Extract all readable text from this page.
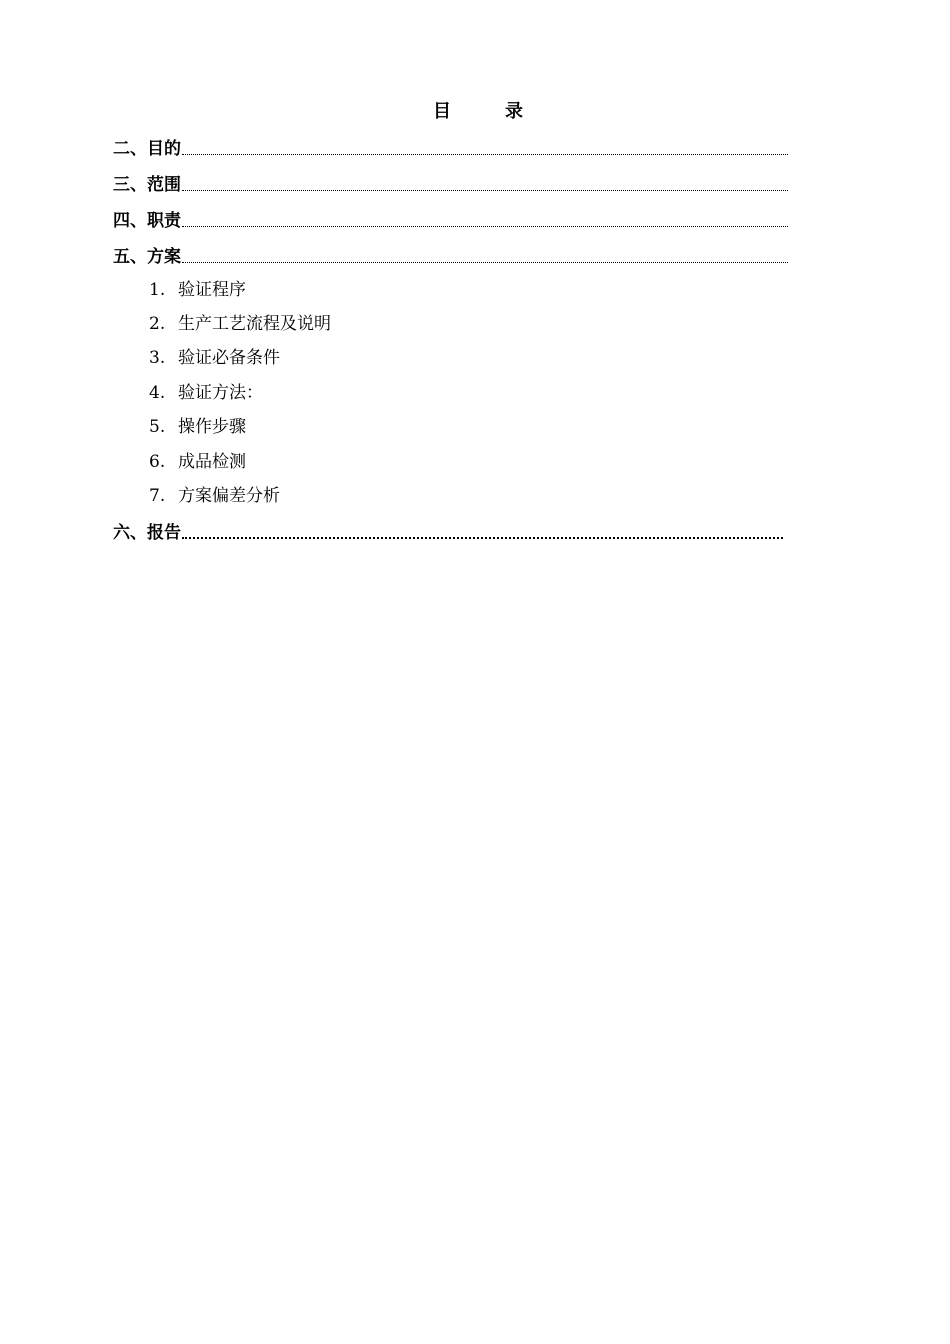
目　录
二、目的
三、范围
四、职责
五、方案
1. 验证程序
2. 生产工艺流程及说明
3. 验证必备条件
4. 验证方法：
5. 操作步骤
6. 成品检测
7. 方案偏差分析
六、报告
